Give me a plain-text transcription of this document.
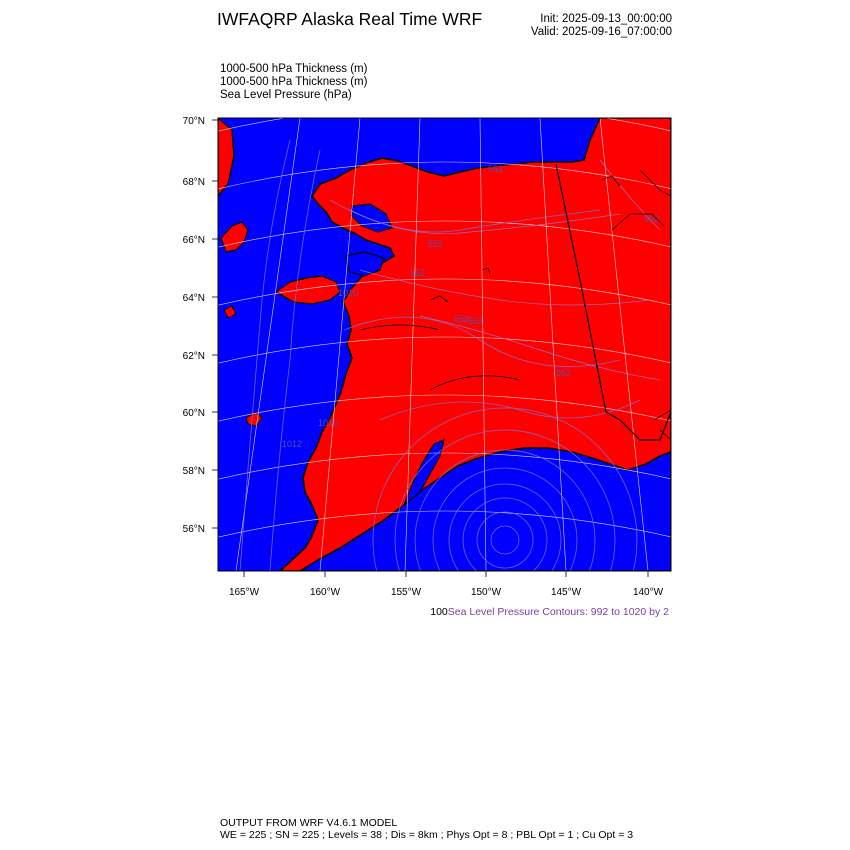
IWFAQRP Alaska Real Time WRF	Init: 2025-09-13_00:00:00
Valid: 2025-09-16_07:00:00
1000-500 hPa Thickness (m)
1000-500 hPa Thickness (m)
Sea Level Pressure (hPa)
70°N
68°N
66°N
64°N
62°N
60°N
58°N
56°N
165°W	160°W	155°W	150°W	145°W	140°W
552
552
552
552
552
552
552
1012
1010
1010
100Sea Level Pressure Contours: 992 to 1020 by 2
OUTPUT FROM WRF V4.6.1 MODEL
WE = 225 ; SN = 225 ; Levels = 38 ; Dis = 8km ; Phys Opt = 8 ; PBL Opt = 1 ; Cu Opt = 3
